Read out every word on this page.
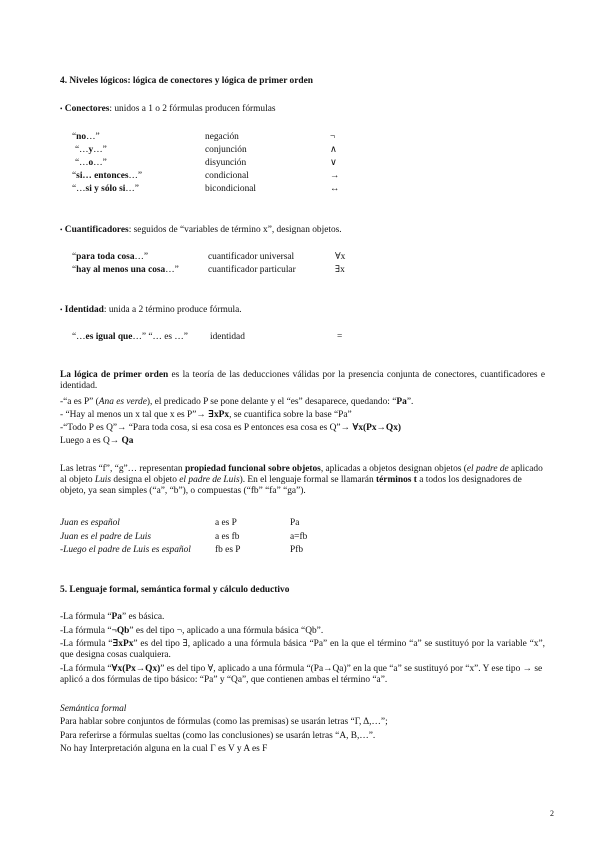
4. Niveles lógicos: lógica de conectores y lógica de primer orden
• Conectores: unidos a 1 o 2 fórmulas producen fórmulas
“no…”	negación	¬
“…y…”	conjunción	∧
“…o…”	disyunción	∨
“si… entonces…”	condicional	→
“…si y sólo si…”	bicondicional	↔
• Cuantificadores: seguidos de “variables de término x”, designan objetos.
“para toda cosa…”	cuantificador universal	∀x
“hay al menos una cosa…”	cuantificador particular	∃x
• Identidad: unida a 2 término produce fórmula.
“…es igual que…” “… es …” identidad	=
La lógica de primer orden es la teoría de las deducciones válidas por la presencia conjunta de conectores, cuantificadores e identidad.
-“a es P” (Ana es verde), el predicado P se pone delante y el “es” desaparece, quedando: “Pa”.
- “Hay al menos un x tal que x es P”→ ∃xPx, se cuantifica sobre la base “Pa”
-“Todo P es Q”→ “Para toda cosa, si esa cosa es P entonces esa cosa es Q”→ ∀x(Px→Qx)
Luego a es Q→ Qa
Las letras “f”, “g”… representan propiedad funcional sobre objetos, aplicadas a objetos designan objetos (el padre de aplicado al objeto Luis designa el objeto el padre de Luis). En el lenguaje formal se llamarán términos t a todos los designadores de objeto, ya sean simples (“a”, “b”), o compuestas (“fb” “fa” “ga”).
Juan es español	a es P	Pa
Juan es el padre de Luis	a es fb	a=fb
-Luego el padre de Luis es español	fb es P	Pfb
5. Lenguaje formal, semántica formal y cálculo deductivo
-La fórmula “Pa” es básica.
-La fórmula “¬Qb” es del tipo ¬, aplicado a una fórmula básica “Qb”.
-La fórmula “∃xPx” es del tipo ∃, aplicado a una fórmula básica “Pa” en la que el término “a” se sustituyó por la variable “x”, que designa cosas cualquiera.
-La fórmula “∀x(Px→Qx)” es del tipo ∀, aplicado a una fórmula “(Pa→Qa)” en la que “a” se sustituyó por “x”. Y ese tipo → se aplicó a dos fórmulas de tipo básico: “Pa” y “Qa”, que contienen ambas el término “a”.
Semántica formal
Para hablar sobre conjuntos de fórmulas (como las premisas) se usarán letras “Γ, Δ,…”;
Para referirse a fórmulas sueltas (como las conclusiones) se usarán letras “A, B,…”.
No hay Interpretación alguna en la cual Γ es V y A es F
2
